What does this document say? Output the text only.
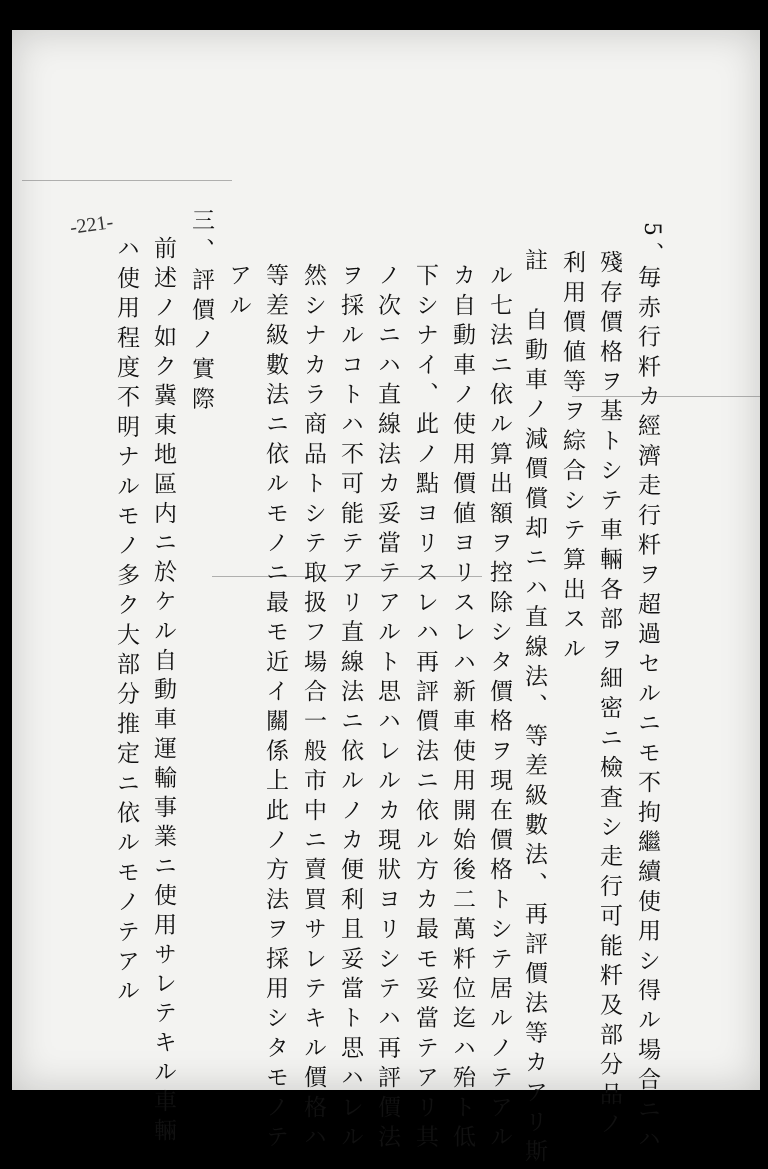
-221-	5、
毎赤行粁カ經濟走行粁ヲ超過セルニモ不拘繼續使用シ得ル場合ニハ
殘存價格ヲ基トシテ車輛各部ヲ細密ニ檢査シ走行可能粁及部分品ノ
利用價値等ヲ綜合シテ算出スル
註　自動車ノ減價償却ニハ直線法、等差級數法、再評價法等カアリ斯
ル七法ニ依ル算出額ヲ控除シタ價格ヲ現在價格トシテ居ルノテアル
カ自動車ノ使用價値ヨリスレハ新車使用開始後二萬粁位迄ハ殆ト低
下シナイ、此ノ點ヨリスレハ再評價法ニ依ル方カ最モ妥當テアリ其
ノ次ニハ直線法カ妥當テアルト思ハレルカ現狀ヨリシテハ再評價法
ヲ採ルコトハ不可能テアリ直線法ニ依ルノカ便利且妥當ト思ハレル
然シナカラ商品トシテ取扱フ場合一般市中ニ賣買サレテキル價格ハ
等差級數法ニ依ルモノニ最モ近イ關係上此ノ方法ヲ採用シタモノテ
アル
三、評價ノ實際
前述ノ如ク冀東地區内ニ於ケル自動車運輸事業ニ使用サレテキル車輛
ハ使用程度不明ナルモノ多ク大部分推定ニ依ルモノテアル
